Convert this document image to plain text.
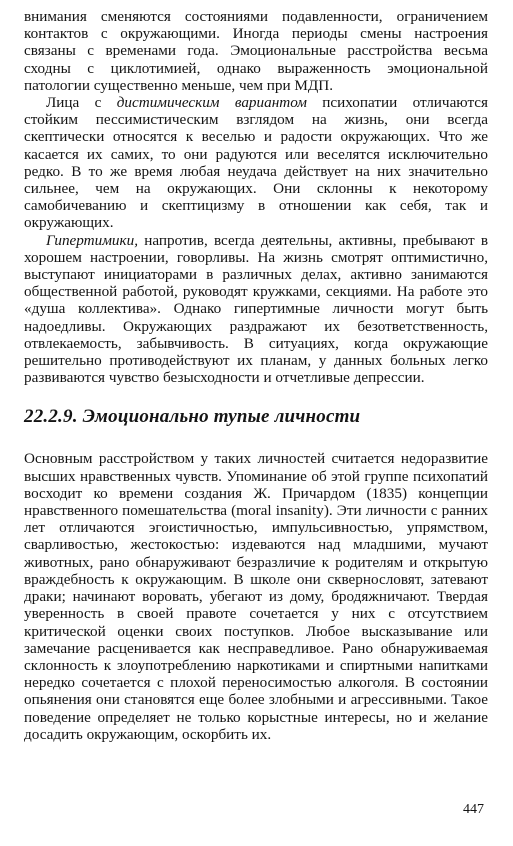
внимания сменяются состояниями подавленности, ограничением контактов с окружающими. Иногда периоды смены настроения связаны с временами года. Эмоциональные расстройства весьма сходны с циклотимией, однако выраженность эмоциональной патологии существенно меньше, чем при МДП.

Лица с дистимическим вариантом психопатии отличаются стойким пессимистическим взглядом на жизнь, они всегда скептически относятся к веселью и радости окружающих. Что же касается их самих, то они радуются или веселятся исключительно редко. В то же время любая неудача действует на них значительно сильнее, чем на окружающих. Они склонны к некоторому самобичеванию и скептицизму в отношении как себя, так и окружающих.

Гипертимики, напротив, всегда деятельны, активны, пребывают в хорошем настроении, говорливы. На жизнь смотрят оптимистично, выступают инициаторами в различных делах, активно занимаются общественной работой, руководят кружками, секциями. На работе это «душа коллектива». Однако гипертимные личности могут быть надоедливы. Окружающих раздражают их безответственность, отвлекаемость, забывчивость. В ситуациях, когда окружающие решительно противодействуют их планам, у данных больных легко развиваются чувство безысходности и отчетливые депрессии.

22.2.9. Эмоционально тупые личности

Основным расстройством у таких личностей считается недоразвитие высших нравственных чувств. Упоминание об этой группе психопатий восходит ко времени создания Ж. Причардом (1835) концепции нравственного помешательства (moral insanity). Эти личности с ранних лет отличаются эгоистичностью, импульсивностью, упрямством, сварливостью, жестокостью: издеваются над младшими, мучают животных, рано обнаруживают безразличие к родителям и открытую враждебность к окружающим. В школе они сквернословят, затевают драки; начинают воровать, убегают из дому, бродяжничают. Твердая уверенность в своей правоте сочетается у них с отсутствием критической оценки своих поступков. Любое высказывание или замечание расценивается как несправедливое. Рано обнаруживаемая склонность к злоупотреблению наркотиками и спиртными напитками нередко сочетается с плохой переносимостью алкоголя. В состоянии опьянения они становятся еще более злобными и агрессивными. Такое поведение определяет не только корыстные интересы, но и желание досадить окружающим, оскорбить их.

447
